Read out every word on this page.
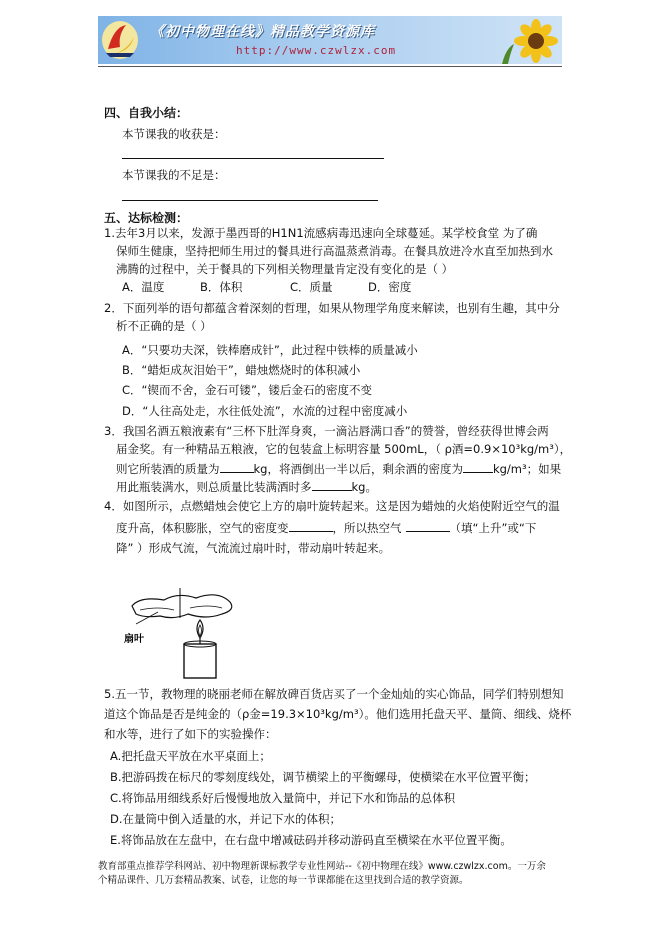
《初中物理在线》精品教学资源库
http://www.czwlzx.com
四、自我小结：
本节课我的收获是：
本节课我的不足是：
五、达标检测：
1.去年3月以来，发源于墨西哥的H1N1流感病毒迅速向全球蔓延。某学校食堂 为了确
保师生健康，坚持把师生用过的餐具进行高温蒸煮消毒。在餐具放进冷水直至加热到水
沸腾的过程中，关于餐具的下列相关物理量肯定没有变化的是（ ）
A．温度	B．体积	C．质量	D．密度
2．下面列举的语句都蕴含着深刻的哲理，如果从物理学角度来解读，也别有生趣，其中分
析不正确的是（ ）
A．“只要功夫深，铁棒磨成针”，此过程中铁棒的质量减小
B．“蜡炬成灰泪始干”，蜡烛燃烧时的体积减小
C．“锲而不舍，金石可镂”，镂后金石的密度不变
D．“人往高处走，水往低处流”，水流的过程中密度减小
3．我国名酒五粮液素有“三杯下肚浑身爽，一滴沾唇满口香”的赞誉，曾经获得世博会两
届金奖。有一种精品五粮液，它的包装盒上标明容量 500mL，（ ρ酒=0.9×10³kg/m³），
则它所装酒的质量为	kg，将酒倒出一半以后，剩余酒的密度为	kg/m³；如果
用此瓶装满水，则总质量比装满酒时多	kg。
4．如图所示，点燃蜡烛会使它上方的扇叶旋转起来。这是因为蜡烛的火焰使附近空气的温
度升高，体积膨胀，空气的密度变	，所以热空气	（填“上升”或“下
降” ）形成气流，气流流过扇叶时，带动扇叶转起来。
扇叶
5.五一节，教物理的晓丽老师在解放碑百货店买了一个金灿灿的实心饰品，同学们特别想知
道这个饰品是否是纯金的（ρ金=19.3×10³kg/m³）。他们选用托盘天平、量筒、细线、烧杯
和水等，进行了如下的实验操作：
A.把托盘天平放在水平桌面上；
B.把游码拨在标尺的零刻度线处，调节横梁上的平衡螺母，使横梁在水平位置平衡；
C.将饰品用细线系好后慢慢地放入量筒中，并记下水和饰品的总体积
D.在量筒中倒入适量的水，并记下水的体积；
E.将饰品放在左盘中，在右盘中增减砝码并移动游码直至横梁在水平位置平衡。
教育部重点推荐学科网站、初中物理新课标教学专业性网站--《初中物理在线》www.czwlzx.com。一万余
个精品课件、几万套精品教案、试卷，让您的每一节课都能在这里找到合适的教学资源。
